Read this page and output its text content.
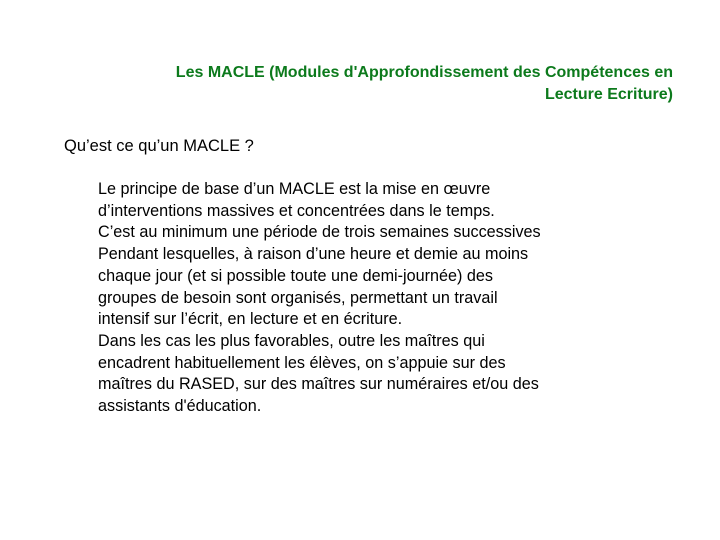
Les MACLE (Modules d'Approfondissement des Compétences en
Lecture Ecriture)

Qu’est ce qu’un MACLE ?

Le principe de base d’un MACLE est la mise en œuvre
d’interventions massives et concentrées dans le temps.
C’est au minimum une période de trois semaines successives
Pendant lesquelles, à raison d’une heure et demie au moins
chaque jour (et si possible toute une demi-journée) des
groupes de besoin sont organisés, permettant un travail
intensif sur l’écrit, en lecture et en écriture.
Dans les cas les plus favorables, outre les maîtres qui
encadrent habituellement les élèves, on s’appuie sur des
maîtres du RASED, sur des maîtres sur numéraires et/ou des
assistants d'éducation.
